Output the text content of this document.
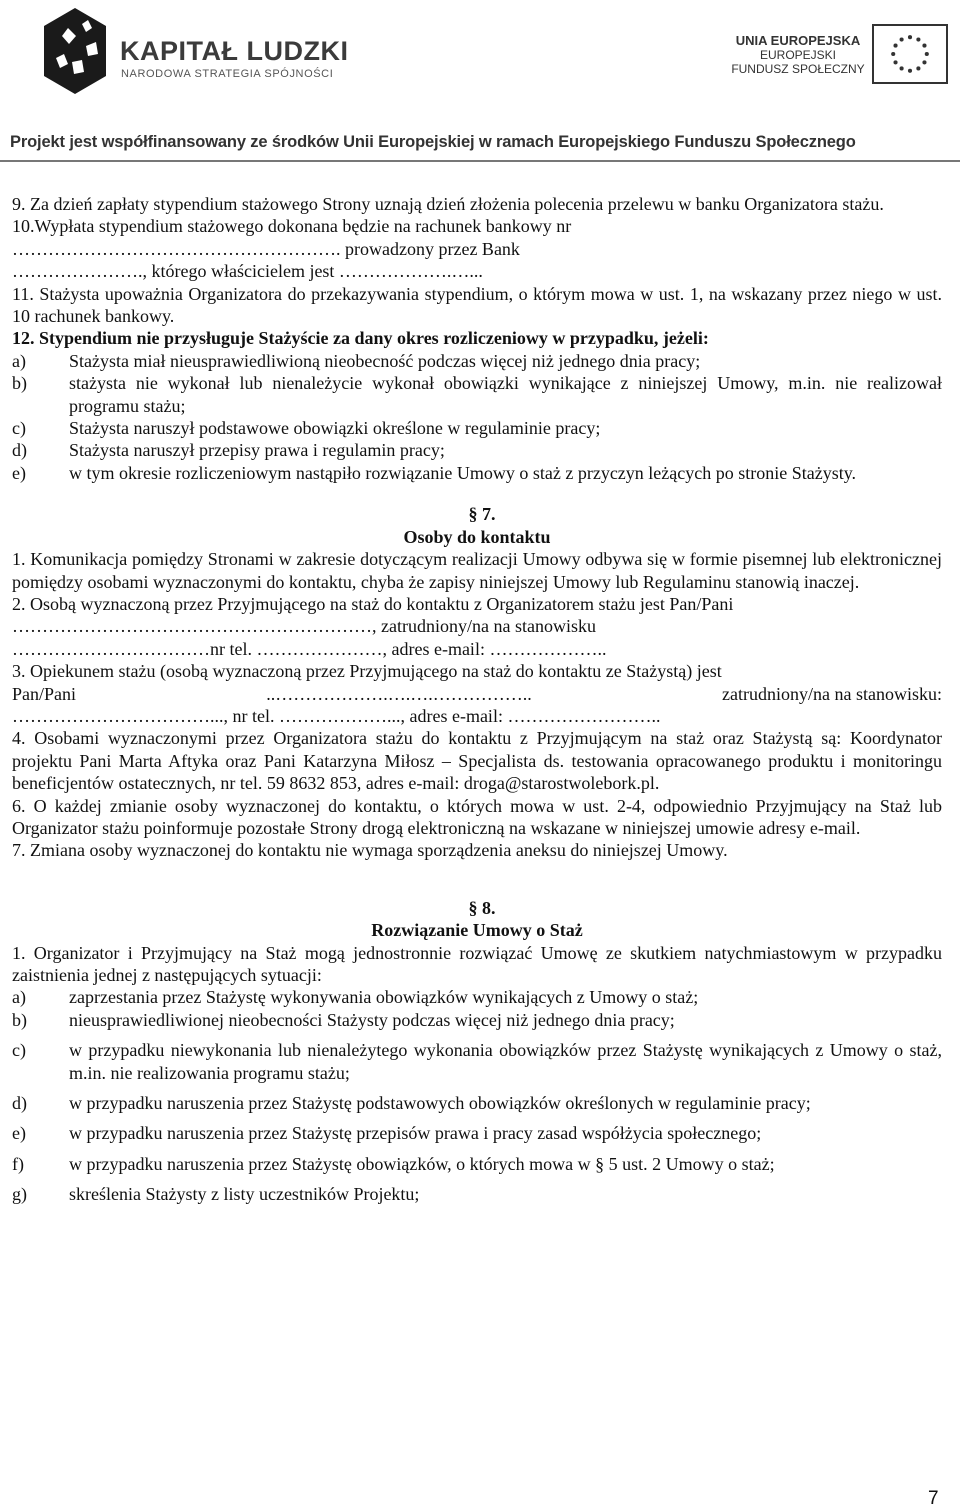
KAPITAŁ LUDZKI
NARODOWA STRATEGIA SPÓJNOŚCI
UNIA EUROPEJSKA
EUROPEJSKI
FUNDUSZ SPOŁECZNY
Projekt jest współfinansowany ze środków Unii Europejskiej w ramach Europejskiego Funduszu Społecznego

9. Za dzień zapłaty stypendium stażowego Strony uznają dzień złożenia polecenia przelewu w banku Organizatora stażu.

10.Wypłata stypendium stażowego dokonana będzie na rachunek bankowy nr

………………………………………………. prowadzony przez Bank

…………………., którego właścicielem jest ……………….…...

11. Stażysta upoważnia Organizatora do przekazywania stypendium, o którym mowa w ust. 1, na wskazany przez niego w ust. 10 rachunek bankowy.

12. Stypendium nie przysługuje Stażyście za dany okres rozliczeniowy w przypadku, jeżeli:

a)	Stażysta miał nieusprawiedliwioną nieobecność podczas więcej niż jednego dnia pracy;
b)	stażysta nie wykonał lub nienależycie wykonał obowiązki wynikające z niniejszej Umowy, m.in. nie realizował programu stażu;
c)	Stażysta naruszył podstawowe obowiązki określone w regulaminie pracy;
d)	Stażysta naruszył przepisy prawa i regulamin pracy;
e)	w tym okresie rozliczeniowym nastąpiło rozwiązanie Umowy o staż z przyczyn leżących po stronie Stażysty.
§ 7.
Osoby do kontaktu

1. Komunikacja pomiędzy Stronami w zakresie dotyczącym realizacji Umowy odbywa się w formie pisemnej lub elektronicznej pomiędzy osobami wyznaczonymi do kontaktu, chyba że zapisy niniejszej Umowy lub Regulaminu stanowią inaczej.

2. Osobą wyznaczoną przez Przyjmującego na staż do kontaktu z Organizatorem stażu jest Pan/Pani

……………………………………………………, zatrudniony/na na stanowisku

……………………………nr tel. …………………, adres e-mail: ………………..

3. Opiekunem stażu (osobą wyznaczoną przez Przyjmującego na staż do kontaktu ze Stażystą) jest

Pan/Pani	..……………….….….……………..	zatrudniony/na na stanowisku:

……………………………..., nr tel. ………………..., adres e-mail: ……………………..

4. Osobami wyznaczonymi przez Organizatora stażu do kontaktu z Przyjmującym na staż oraz Stażystą są: Koordynator projektu Pani Marta Aftyka oraz Pani Katarzyna Miłosz – Specjalista ds. testowania opracowanego produktu i monitoringu beneficjentów ostatecznych, nr tel. 59 8632 853, adres e-mail: droga@starostwolebork.pl.

6. O każdej zmianie osoby wyznaczonej do kontaktu, o których mowa w ust. 2-4, odpowiednio Przyjmujący na Staż lub Organizator stażu poinformuje pozostałe Strony drogą elektroniczną na wskazane w niniejszej umowie adresy e-mail.

7. Zmiana osoby wyznaczonej do kontaktu nie wymaga sporządzenia aneksu do niniejszej Umowy.

§ 8.
Rozwiązanie Umowy o Staż

1. Organizator i Przyjmujący na Staż mogą jednostronnie rozwiązać Umowę ze skutkiem natychmiastowym w przypadku zaistnienia jednej z następujących sytuacji:

a)	zaprzestania przez Stażystę wykonywania obowiązków wynikających z Umowy o staż;
b)	nieusprawiedliwionej nieobecności Stażysty podczas więcej niż jednego dnia pracy;
c)	w przypadku niewykonania lub nienależytego wykonania obowiązków przez Stażystę wynikających z Umowy o staż, m.in. nie realizowania programu stażu;
d)	w przypadku naruszenia przez Stażystę podstawowych obowiązków określonych w regulaminie pracy;
e)	w przypadku naruszenia przez Stażystę przepisów prawa i pracy zasad współżycia społecznego;
f)	w przypadku naruszenia przez Stażystę obowiązków, o których mowa w § 5 ust. 2 Umowy o staż;
g)	skreślenia Stażysty z listy uczestników Projektu;
7
